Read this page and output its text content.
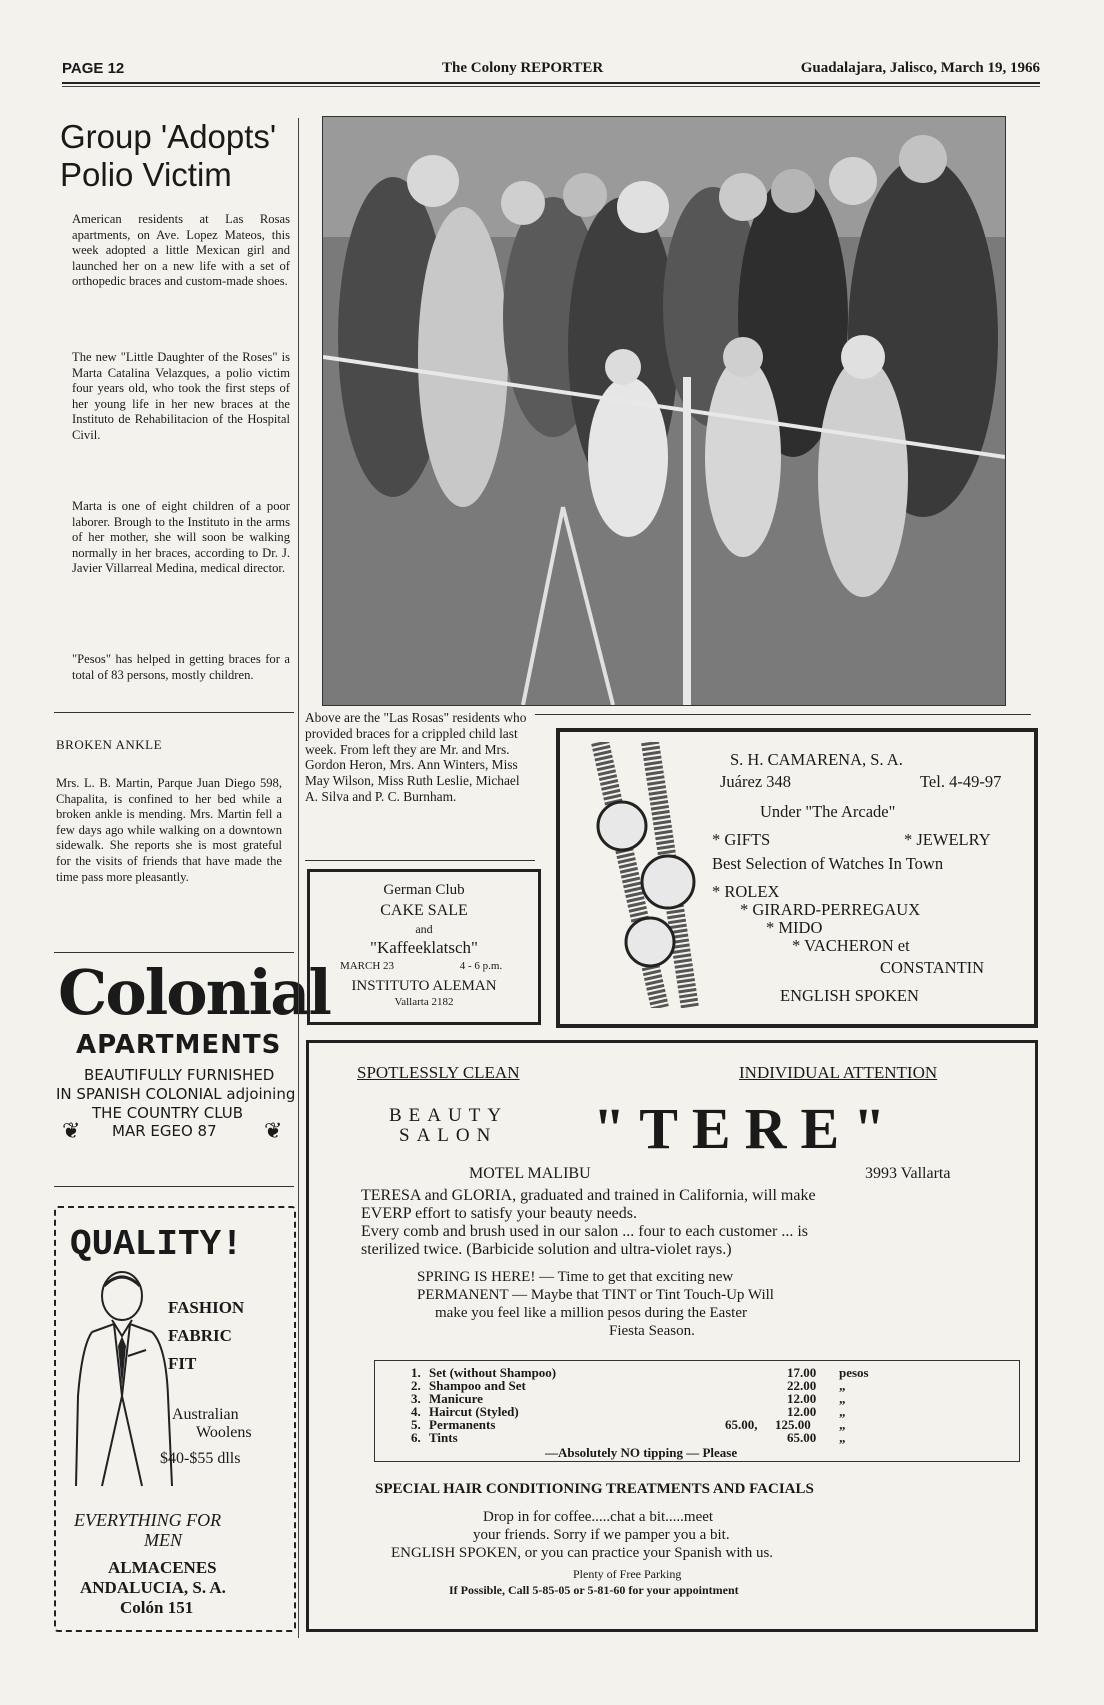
PAGE 12	The Colony REPORTER	Guadalajara, Jalisco, March 19, 1966
Group 'Adopts'
Polio Victim

American residents at Las Rosas apartments, on Ave. Lopez Mateos, this week adopted a little Mexican girl and launched her on a new life with a set of orthopedic braces and custom-made shoes.

The new "Little Daughter of the Roses" is Marta Catalina Velazques, a polio victim four years old, who took the first steps of her young life in her new braces at the Instituto de Rehabilitacion of the Hospital Civil.

Marta is one of eight children of a poor laborer. Brough to the Instituto in the arms of her mother, she will soon be walking normally in her braces, according to Dr. J. Javier Villarreal Medina, medical director.

"Pesos" has helped in getting braces for a total of 83 persons, mostly children.

BROKEN ANKLE

Mrs. L. B. Martin, Parque Juan Diego 598, Chapalita, is confined to her bed while a broken ankle is mending. Mrs. Martin fell a few days ago while walking on a downtown sidewalk. She reports she is most grateful for the visits of friends that have made the time pass more pleasantly.

Colonial
APARTMENTS
BEAUTIFULLY FURNISHED
IN SPANISH COLONIAL adjoining
THE COUNTRY CLUB
MAR EGEO 87
❦	❦
QUALITY!
FASHION
FABRIC
FIT
Australian
Woolens
$40-$55 dlls
EVERYTHING FOR
MEN
ALMACENES
ANDALUCIA, S. A.
Colón 151

Above are the "Las Rosas" residents who provided braces for a crippled child last week. From left they are Mr. and Mrs. Gordon Heron, Mrs. Ann Winters, Miss May Wilson, Miss Ruth Leslie, Michael A. Silva and P. C. Burnham.

German Club
CAKE SALE
and
"Kaffeeklatsch"
MARCH 23	4 - 6 p.m.
INSTITUTO ALEMAN
Vallarta 2182
S. H. CAMARENA, S. A.
Juárez 348	Tel. 4-49-97
Under "The Arcade"
* GIFTS	* JEWELRY
Best Selection of Watches In Town
* ROLEX
* GIRARD-PERREGAUX
* MIDO
* VACHERON et
CONSTANTIN
ENGLISH SPOKEN
SPOTLESSLY CLEAN	INDIVIDUAL ATTENTION
BEAUTY
SALON "TERE"
MOTEL MALIBU	3993 Vallarta
TERESA and GLORIA, graduated and trained in California, will make
EVERP effort to satisfy your beauty needs.
Every comb and brush used in our salon ... four to each customer ... is
sterilized twice. (Barbicide solution and ultra-violet rays.)
SPRING IS HERE! — Time to get that exciting new
PERMANENT — Maybe that TINT or Tint Touch-Up Will
make you feel like a million pesos during the Easter
Fiesta Season.
SPECIAL HAIR CONDITIONING TREATMENTS AND FACIALS
Drop in for coffee.....chat a bit.....meet
your friends. Sorry if we pamper you a bit.
ENGLISH SPOKEN, or you can practice your Spanish with us.
Plenty of Free Parking
If Possible, Call 5-85-05 or 5-81-60 for your appointment
1. Set (without Shampoo)	17.00 pesos
2. Shampoo and Set	22.00 „
3. Manicure	12.00 „
4. Haircut (Styled)	12.00 „
5. Permanents	65.00, 125.00 „
6. Tints	65.00 „
—Absolutely NO tipping — Please
